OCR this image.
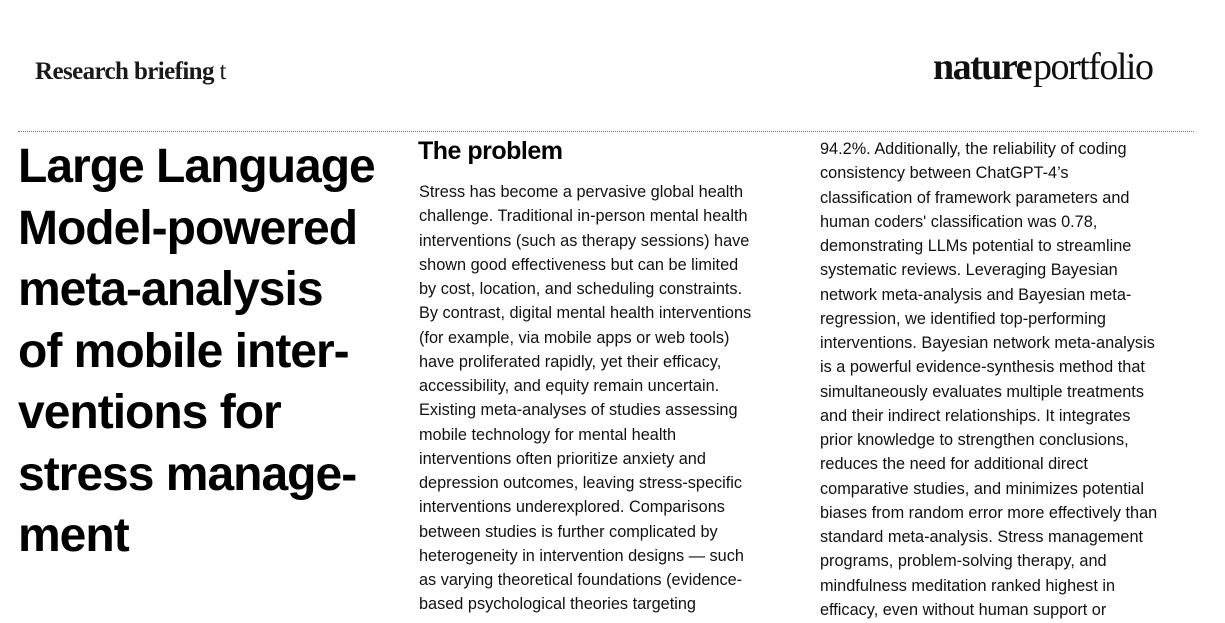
Research briefing t	natureportfolio
Large Language
Model-powered
meta-analysis
of mobile inter-
ventions for
stress manage-
ment
The problem
Stress has become a pervasive global health
challenge. Traditional in-person mental health
interventions (such as therapy sessions) have
shown good effectiveness but can be limited
by cost, location, and scheduling constraints.
By contrast, digital mental health interventions
(for example, via mobile apps or web tools)
have proliferated rapidly, yet their efficacy,
accessibility, and equity remain uncertain.
Existing meta-analyses of studies assessing
mobile technology for mental health
interventions often prioritize anxiety and
depression outcomes, leaving stress-specific
interventions underexplored. Comparisons
between studies is further complicated by
heterogeneity in intervention designs — such
as varying theoretical foundations (evidence-
based psychological theories targeting
94.2%. Additionally, the reliability of coding
consistency between ChatGPT-4’s
classification of framework parameters and
human coders' classification was 0.78,
demonstrating LLMs potential to streamline
systematic reviews. Leveraging Bayesian
network meta-analysis and Bayesian meta-
regression, we identified top-performing
interventions. Bayesian network meta-analysis
is a powerful evidence-synthesis method that
simultaneously evaluates multiple treatments
and their indirect relationships. It integrates
prior knowledge to strengthen conclusions,
reduces the need for additional direct
comparative studies, and minimizes potential
biases from random error more effectively than
standard meta-analysis. Stress management
programs, problem-solving therapy, and
mindfulness meditation ranked highest in
efficacy, even without human support or
